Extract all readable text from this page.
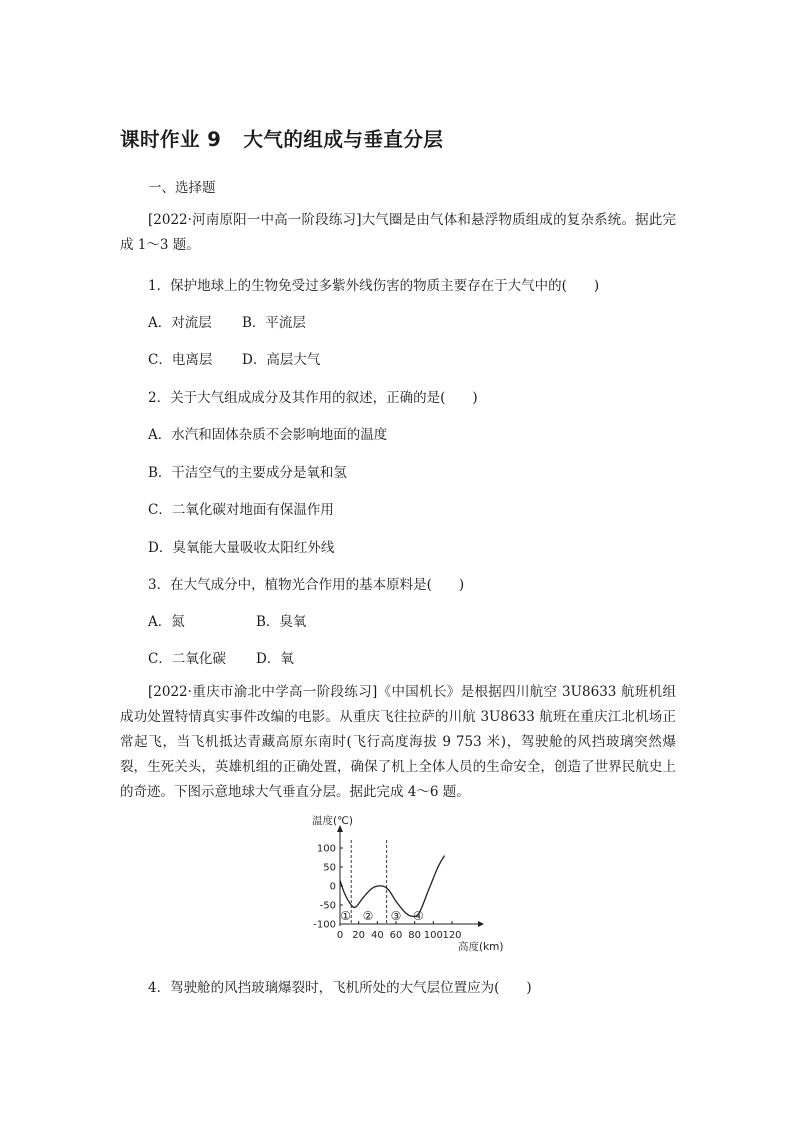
课时作业 9 大气的组成与垂直分层
一、选择题

[2022·河南原阳一中高一阶段练习]大气圈是由气体和悬浮物质组成的复杂系统。据此完成 1～3 题。

1．保护地球上的生物免受过多紫外线伤害的物质主要存在于大气中的(　　)
A．对流层 B．平流层
C．电离层 D．高层大气
2．关于大气组成成分及其作用的叙述，正确的是(　　)
A．水汽和固体杂质不会影响地面的温度
B．干洁空气的主要成分是氧和氢
C．二氧化碳对地面有保温作用
D．臭氧能大量吸收太阳红外线
3．在大气成分中，植物光合作用的基本原料是(　　)
A．氮	B．臭氧
C．二氧化碳 D．氧

[2022·重庆市渝北中学高一阶段练习]《中国机长》是根据四川航空 3U8633 航班机组成功处置特情真实事件改编的电影。从重庆飞往拉萨的川航 3U8633 航班在重庆江北机场正常起飞，当飞机抵达青藏高原东南时(飞行高度海拔 9 753 米)，驾驶舱的风挡玻璃突然爆裂，生死关头，英雄机组的正确处置，确保了机上全体人员的生命安全，创造了世界民航史上的奇迹。下图示意地球大气垂直分层。据此完成 4～6 题。

温度(℃)
高度(km)
100
50
0
-50
-100
0 20 40 60 80 100 120
① ② ③ ④
4．驾驶舱的风挡玻璃爆裂时，飞机所处的大气层位置应为(　　)
